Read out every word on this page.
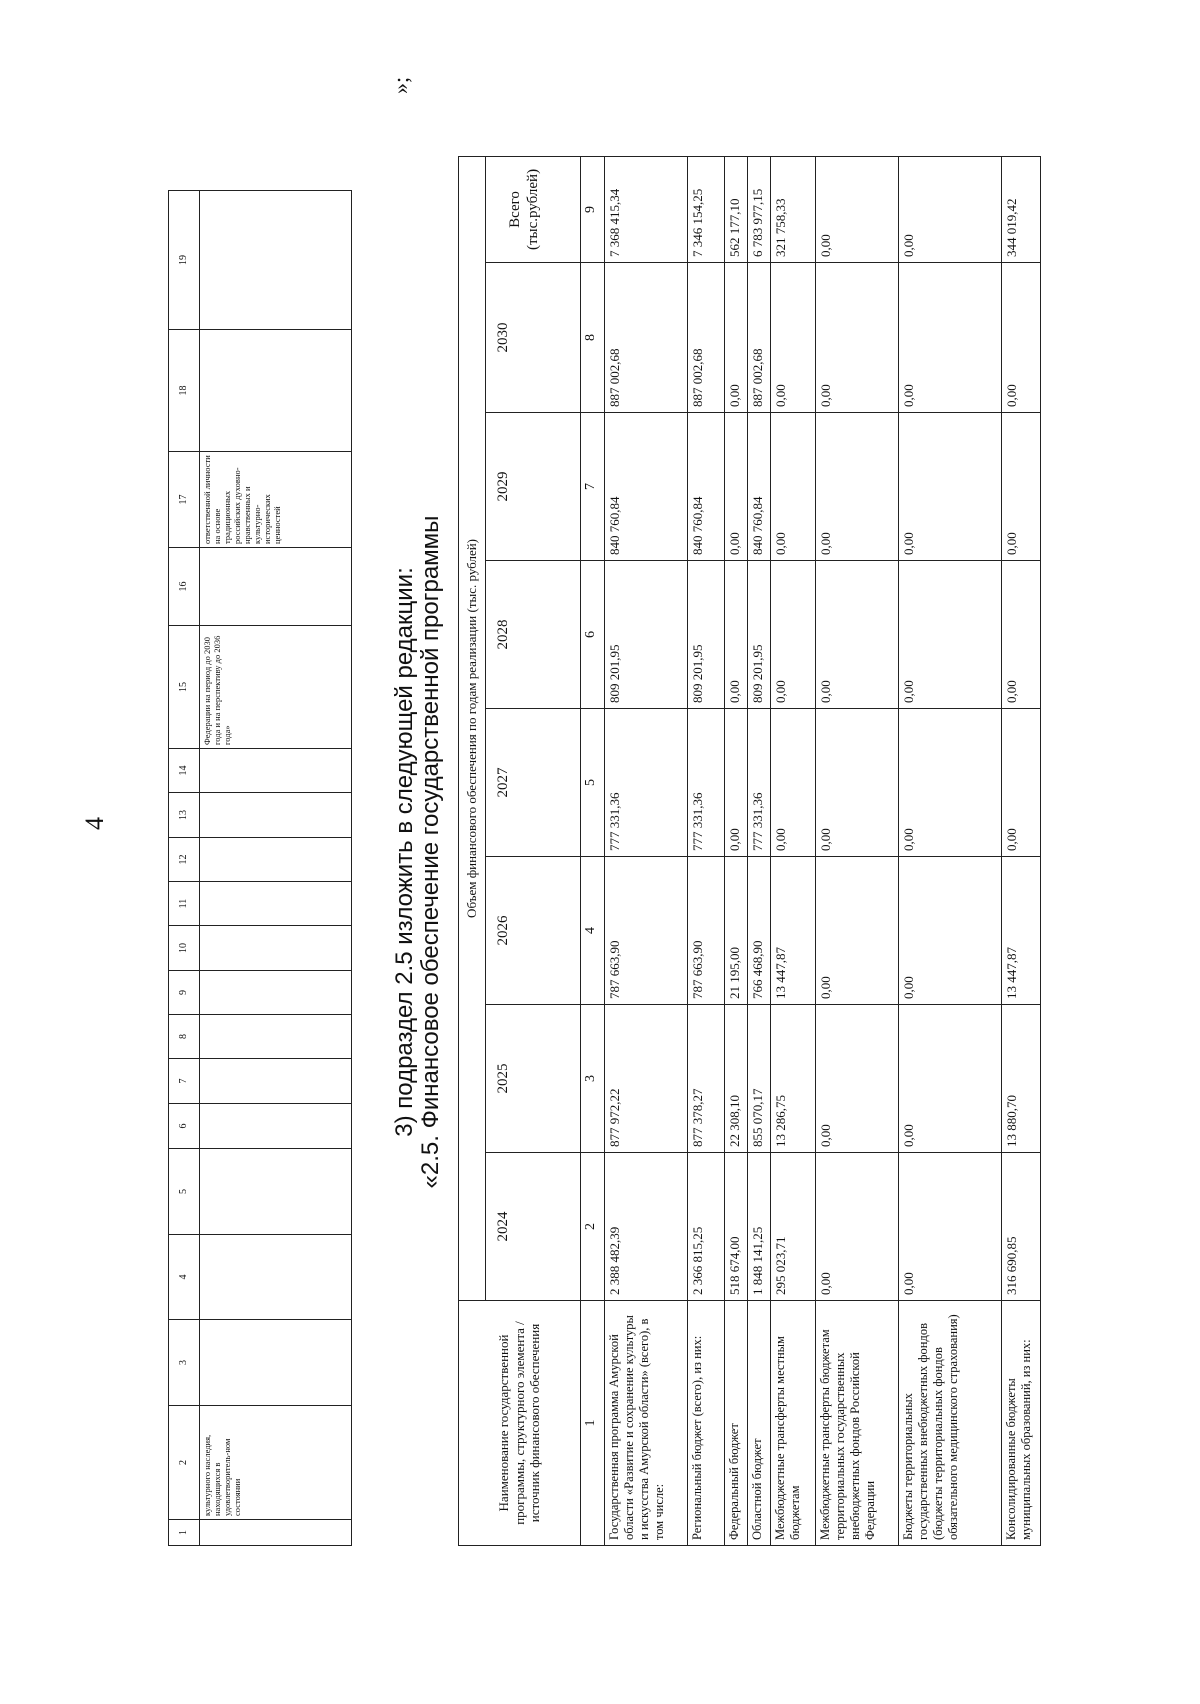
4
1	2	3	4	5	6	7	8	9	10	11	12	13	14	15	16	17	18	19
	культурного наследия, находящихся в удовлетворитель-ном состоянии													Федерации на период до 2030 года и на перспективу до 2036 года»		ответственной личности на основе традиционных российских духовно-нравственных и культурно-исторических ценностей		
»;
3) подраздел 2.5 изложить в следующей редакции: «2.5. Финансовое обеспечение государственной программы
Наименование государственной программы, структурного элемента / источник финансового обеспечения	Объем финансового обеспечения по годам реализации (тыс. рублей)							
	2024	2025	2026	2027	2028	2029	2030	Всего (тыс.рублей)
1	2	3	4	5	6	7	8	9
Государственная программа Амурской области «Развитие и сохранение культуры и искусства Амурской области» (всего), в том числе:	2 388 482,39	877 972,22	787 663,90	777 331,36	809 201,95	840 760,84	887 002,68	7 368 415,34
Региональный бюджет (всего), из них:	2 366 815,25	877 378,27	787 663,90	777 331,36	809 201,95	840 760,84	887 002,68	7 346 154,25
Федеральный бюджет	518 674,00	22 308,10	21 195,00	0,00	0,00	0,00	0,00	562 177,10
Областной бюджет	1 848 141,25	855 070,17	766 468,90	777 331,36	809 201,95	840 760,84	887 002,68	6 783 977,15
Межбюджетные трансферты местным бюджетам	295 023,71	13 286,75	13 447,87	0,00	0,00	0,00	0,00	321 758,33
Межбюджетные трансферты бюджетам территориальных государственных внебюджетных фондов Российской Федерации	0,00	0,00	0,00	0,00	0,00	0,00	0,00	0,00
Бюджеты территориальных государственных внебюджетных фондов (бюджеты территориальных фондов обязательного медицинского страхования)	0,00	0,00	0,00	0,00	0,00	0,00	0,00	0,00
Консолидированные бюджеты муниципальных образований, из них:	316 690,85	13 880,70	13 447,87	0,00	0,00	0,00	0,00	344 019,42
